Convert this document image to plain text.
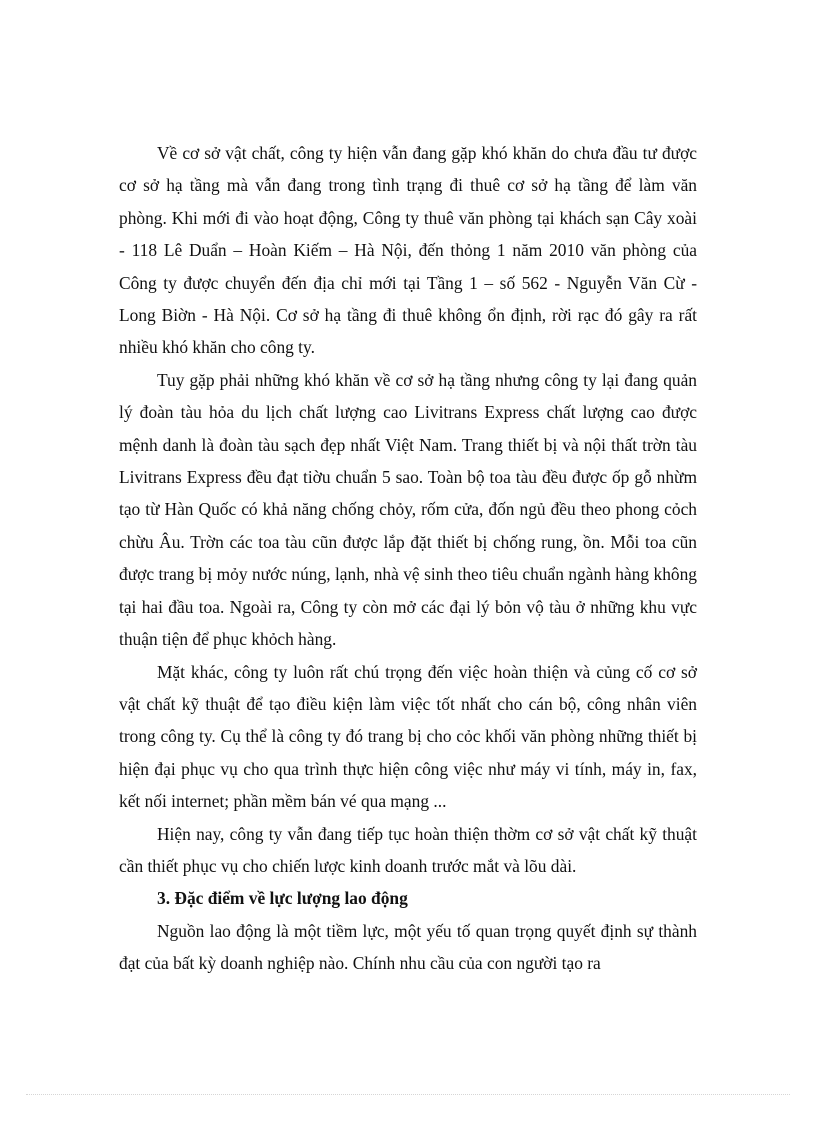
Về cơ sở vật chất, công ty hiện vẫn đang gặp khó khăn do chưa đầu tư được cơ sở hạ tầng mà vẫn đang trong tình trạng đi thuê cơ sở hạ tầng để làm văn phòng. Khi mới đi vào hoạt động, Công ty thuê văn phòng tại khách sạn Cây xoài - 118 Lê Duẩn – Hoàn Kiếm – Hà Nội, đến thỏng 1 năm 2010 văn phòng của Công ty được chuyển đến địa chỉ mới tại Tầng 1 – số 562 - Nguyễn Văn Cừ - Long Biờn - Hà Nội. Cơ sở hạ tầng đi thuê không ổn định, rời rạc đó gây ra rất nhiều khó khăn cho công ty.

Tuy gặp phải những khó khăn về cơ sở hạ tầng nhưng công ty lại đang quản lý đoàn tàu hỏa du lịch chất lượng cao Livitrans Express chất lượng cao được mệnh danh là đoàn tàu sạch đẹp nhất Việt Nam. Trang thiết bị và nội thất trờn tàu Livitrans Express đều đạt tiờu chuẩn 5 sao. Toàn bộ toa tàu đều được ốp gỗ nhừm tạo từ Hàn Quốc có khả năng chống chỏy, rốm cửa, đốn ngủ đều theo phong cỏch chừu Âu. Trờn các toa tàu cũn được lắp đặt thiết bị chống rung, ồn. Mỗi toa cũn được trang bị mỏy nước núng, lạnh, nhà vệ sinh theo tiêu chuẩn ngành hàng không tại hai đầu toa. Ngoài ra, Công ty còn mở các đại lý bỏn vộ tàu ở những khu vực thuận tiện để phục khỏch hàng.

Mặt khác, công ty luôn rất chú trọng đến việc hoàn thiện và củng cố cơ sở vật chất kỹ thuật để tạo điều kiện làm việc tốt nhất cho cán bộ, công nhân viên trong công ty. Cụ thể là công ty đó trang bị cho cỏc khối văn phòng những thiết bị hiện đại phục vụ cho qua trình thực hiện công việc như máy vi tính, máy in, fax, kết nối internet; phần mềm bán vé qua mạng ...

Hiện nay, công ty vẫn đang tiếp tục hoàn thiện thờm cơ sở vật chất kỹ thuật cần thiết phục vụ cho chiến lược kinh doanh trước mắt và lõu dài.

3. Đặc điểm về lực lượng lao động

Nguồn lao động là một tiềm lực, một yếu tố quan trọng quyết định sự thành đạt của bất kỳ doanh nghiệp nào. Chính nhu cầu của con người tạo ra
